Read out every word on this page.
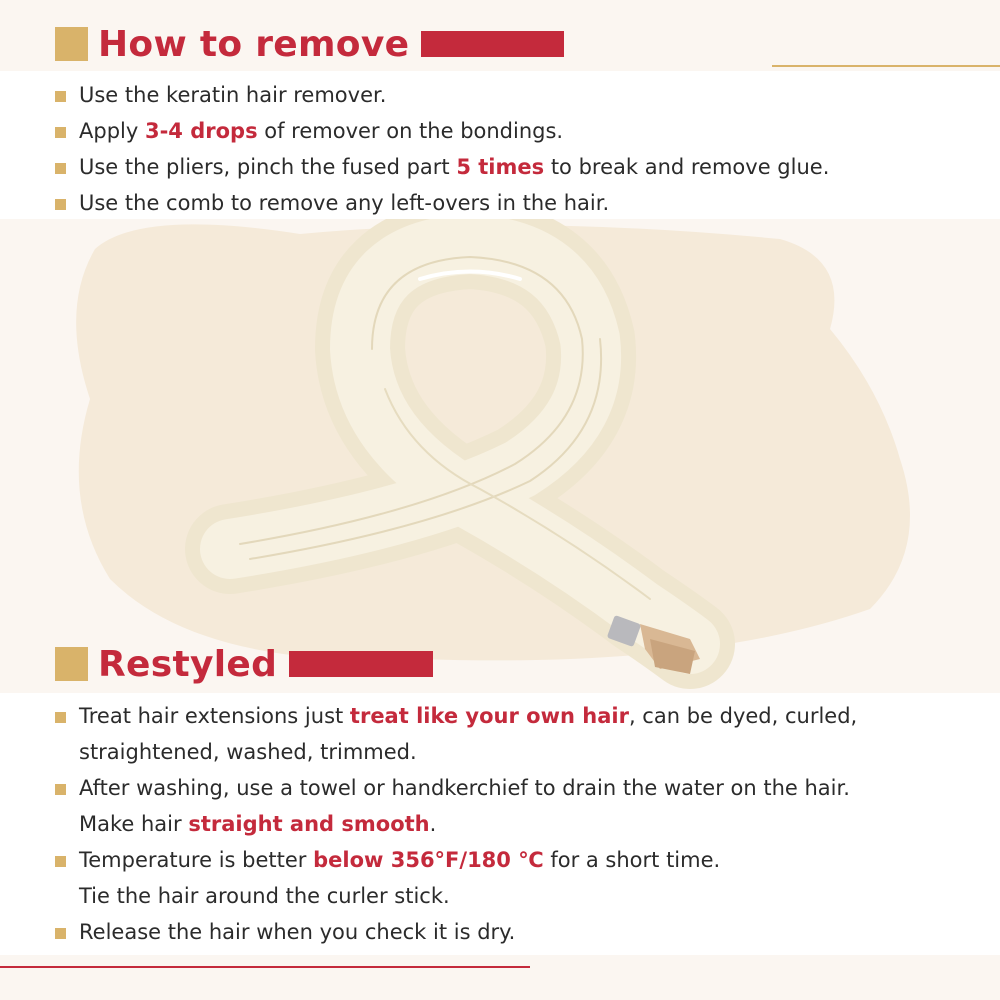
How to remove
Use the keratin hair remover.
Apply 3-4 drops of remover on the bondings.
Use the pliers, pinch the fused part 5 times to break and remove glue.
Use the comb to remove any left-overs in the hair.
Restyled
Treat hair extensions just treat like your own hair, can be dyed, curled,
straightened, washed, trimmed.
After washing, use a towel or handkerchief to drain the water on the hair.
Make hair straight and smooth.
Temperature is better below 356°F/180 ℃ for a short time.
Tie the hair around the curler stick.
Release the hair when you check it is dry.
